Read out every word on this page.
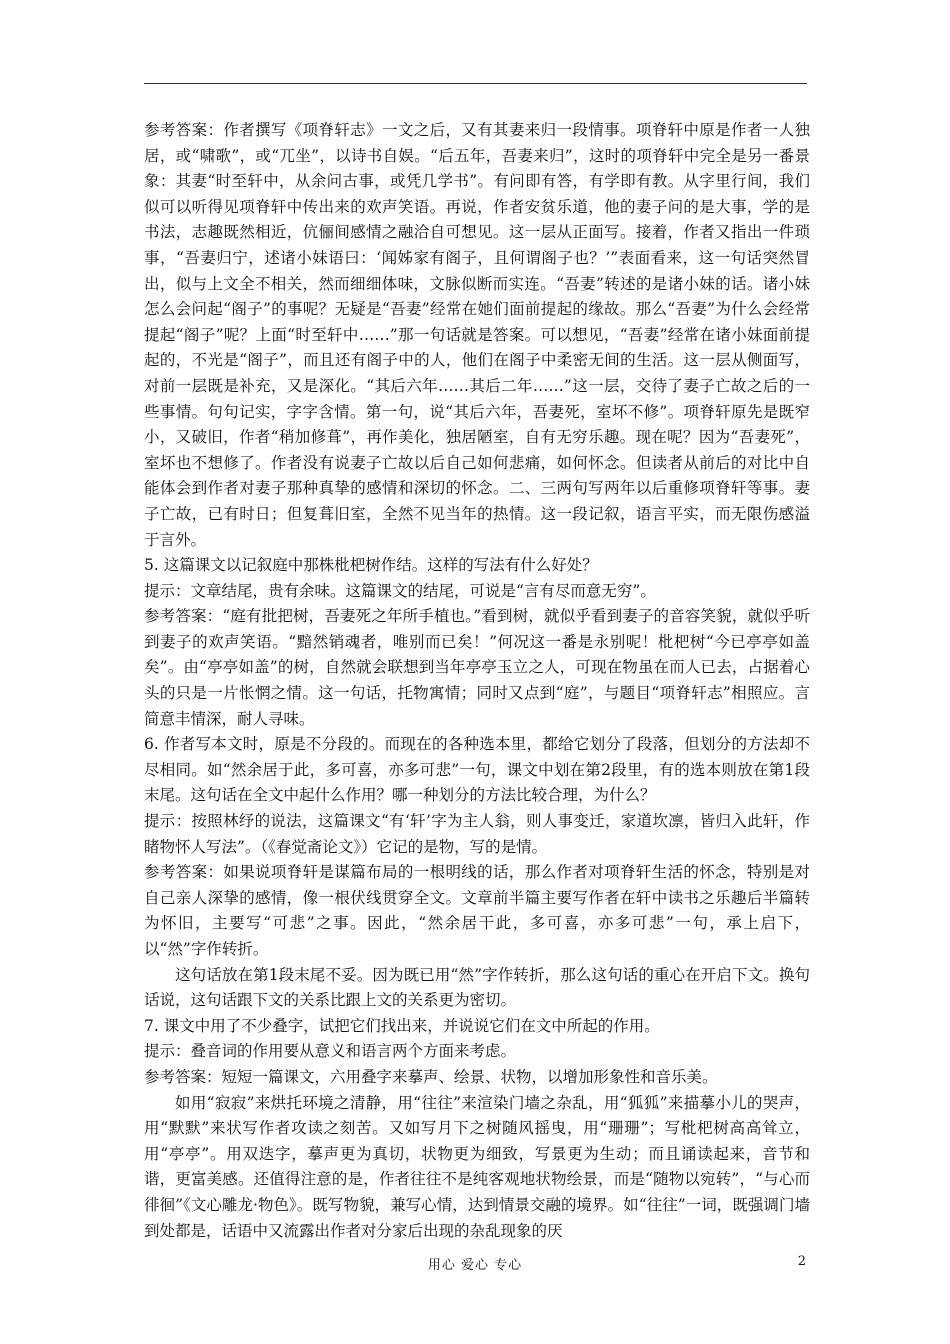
参考答案：作者撰写《项脊轩志》一文之后，又有其妻来归一段情事。项脊轩中原是作者一人独居，或“啸歌”，或“兀坐”，以诗书自娱。“后五年，吾妻来归”，这时的项脊轩中完全是另一番景象：其妻“时至轩中，从余问古事，或凭几学书”。有问即有答，有学即有教。从字里行间，我们似可以听得见项脊轩中传出来的欢声笑语。再说，作者安贫乐道，他的妻子问的是大事，学的是书法，志趣既然相近，伉俪间感情之融洽自可想见。这一层从正面写。接着，作者又指出一件琐事，“吾妻归宁，述诸小妹语曰：‘闻姊家有阁子，且何谓阁子也？’”表面看来，这一句话突然冒出，似与上文全不相关，然而细细体味，文脉似断而实连。“吾妻”转述的是诸小妹的话。诸小妹怎么会问起“阁子”的事呢？无疑是“吾妻”经常在她们面前提起的缘故。那么“吾妻”为什么会经常提起“阁子”呢？上面“时至轩中……”那一句话就是答案。可以想见，“吾妻”经常在诸小妹面前提起的，不光是“阁子”，而且还有阁子中的人，他们在阁子中柔密无间的生活。这一层从侧面写，对前一层既是补充，又是深化。“其后六年……其后二年……”这一层，交待了妻子亡故之后的一些事情。句句记实，字字含情。第一句，说“其后六年，吾妻死，室坏不修”。项脊轩原先是既窄小，又破旧，作者“稍加修葺”，再作美化，独居陋室，自有无穷乐趣。现在呢？因为“吾妻死”，室坏也不想修了。作者没有说妻子亡故以后自己如何悲痛，如何怀念。但读者从前后的对比中自能体会到作者对妻子那种真挚的感情和深切的怀念。二、三两句写两年以后重修项脊轩等事。妻子亡故，已有时日；但复葺旧室，全然不见当年的热情。这一段记叙，语言平实，而无限伤感溢于言外。

5. 这篇课文以记叙庭中那株枇杷树作结。这样的写法有什么好处？

提示：文章结尾，贵有余味。这篇课文的结尾，可说是“言有尽而意无穷”。

参考答案：“庭有批把树，吾妻死之年所手植也。”看到树，就似乎看到妻子的音容笑貌，就似乎听到妻子的欢声笑语。“黯然销魂者，唯别而已矣！”何况这一番是永别呢！枇杷树“今已亭亭如盖矣”。由“亭亭如盖”的树，自然就会联想到当年亭亭玉立之人，可现在物虽在而人已去，占据着心头的只是一片怅惘之情。这一句话，托物寓情；同时又点到“庭”，与题目“项脊轩志”相照应。言简意丰情深，耐人寻味。

6. 作者写本文时，原是不分段的。而现在的各种选本里，都给它划分了段落，但划分的方法却不尽相同。如“然余居于此，多可喜，亦多可悲”一句，课文中划在第2段里，有的选本则放在第1段末尾。这句话在全文中起什么作用？哪一种划分的方法比较合理，为什么？

提示：按照林纾的说法，这篇课文“有‘轩’字为主人翁，则人事变迁，家道坎凛，皆归入此轩，作睹物怀人写法”。（《春觉斋论文》）它记的是物，写的是情。

参考答案：如果说项脊轩是谋篇布局的一根明线的话，那么作者对项脊轩生活的怀念，特别是对自己亲人深挚的感情，像一根伏线贯穿全文。文章前半篇主要写作者在轩中读书之乐趣后半篇转为怀旧，主要写“可悲”之事。因此，“然余居干此，多可喜，亦多可悲”一句，承上启下，以“然”字作转折。

这句话放在第1段末尾不妥。因为既已用“然”字作转折，那么这句话的重心在开启下文。换句话说，这句话跟下文的关系比跟上文的关系更为密切。

7. 课文中用了不少叠字，试把它们找出来，并说说它们在文中所起的作用。

提示：叠音词的作用要从意义和语言两个方面来考虑。

参考答案：短短一篇课文，六用叠字来摹声、绘景、状物，以增加形象性和音乐美。

如用“寂寂”来烘托环境之清静，用“往往”来渲染门墙之杂乱，用“狐狐”来描摹小儿的哭声，用“默默”来状写作者攻读之刻苦。又如写月下之树随风摇曳，用“珊珊”；写枇杷树高高耸立，用“亭亭”。用双迭字，摹声更为真切，状物更为细致，写景更为生动；而且诵读起来，音节和谐，更富美感。还值得注意的是，作者往往不是纯客观地状物绘景，而是“随物以宛转”，“与心而徘徊”《文心雕龙·物色》。既写物貌，兼写心情，达到情景交融的境界。如“往往”一词，既强调门墙到处都是，话语中又流露出作者对分家后出现的杂乱现象的厌

用心 爱心 专心	2
